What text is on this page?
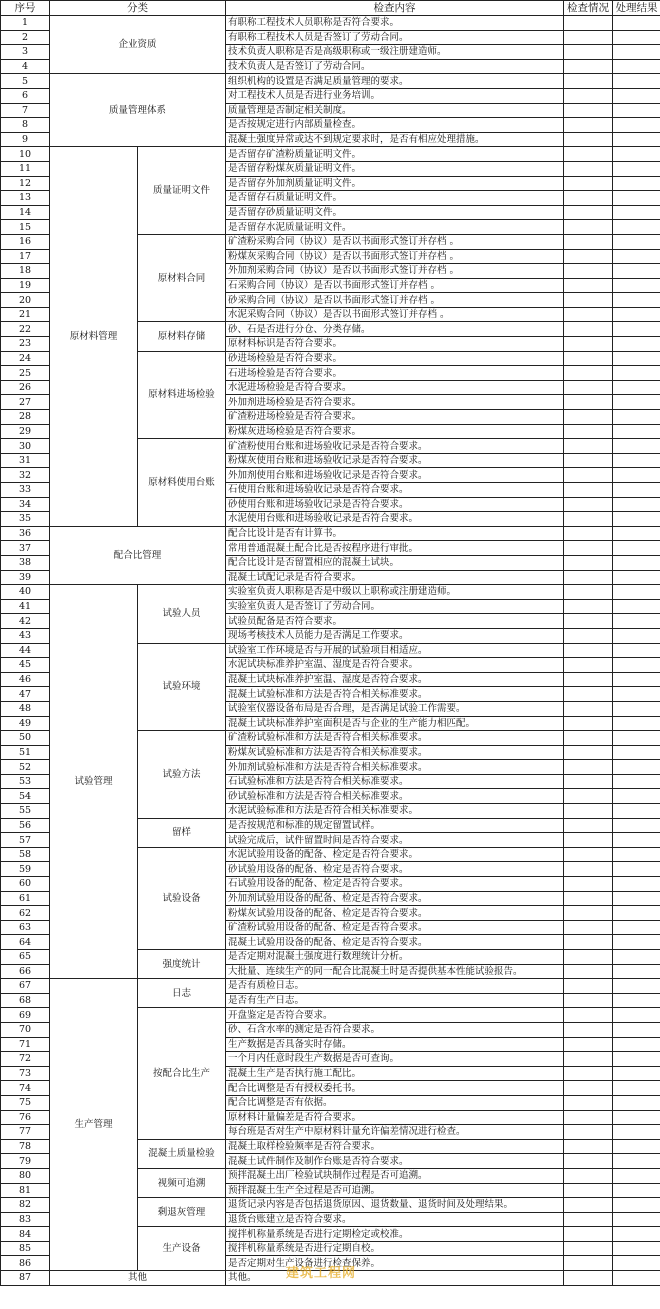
序号	分类		检查内容	检查情况	处理结果
1	企业资质		有职称工程技术人员职称是否符合要求。		
2			有职称工程技术人员是否签订了劳动合同。		
3			技术负责人职称是否是高级职称或一级注册建造师。		
4			技术负责人是否签订了劳动合同。		
5	质量管理体系		组织机构的设置是否满足质量管理的要求。		
6			对工程技术人员是否进行业务培训。		
7			质量管理是否制定相关制度。		
8			是否按规定进行内部质量检查。		
9			混凝土强度异常或达不到规定要求时，是否有相应处理措施。		
10	原材料管理	质量证明文件	是否留存矿渣粉质量证明文件。		
11			是否留存粉煤灰质量证明文件。		
12			是否留存外加剂质量证明文件。		
13			是否留存石质量证明文件。		
14			是否留存砂质量证明文件。		
15			是否留存水泥质量证明文件。		
16		原材料合同	矿渣粉采购合同（协议）是否以书面形式签订并存档 。		
17			粉煤灰采购合同（协议）是否以书面形式签订并存档 。		
18			外加剂采购合同（协议）是否以书面形式签订并存档 。		
19			石采购合同（协议）是否以书面形式签订并存档 。		
20			砂采购合同（协议）是否以书面形式签订并存档 。		
21			水泥采购合同（协议）是否以书面形式签订并存档 。		
22		原材料存储	砂、石是否进行分仓、分类存储。		
23			原材料标识是否符合要求。		
24		原材料进场检验	砂进场检验是否符合要求。		
25			石进场检验是否符合要求。		
26			水泥进场检验是否符合要求。		
27			外加剂进场检验是否符合要求。		
28			矿渣粉进场检验是否符合要求。		
29			粉煤灰进场检验是否符合要求。		
30		原材料使用台账	矿渣粉使用台账和进场验收记录是否符合要求。		
31			粉煤灰使用台账和进场验收记录是否符合要求。		
32			外加剂使用台账和进场验收记录是否符合要求。		
33			石使用台账和进场验收记录是否符合要求。		
34			砂使用台账和进场验收记录是否符合要求。		
35			水泥使用台账和进场验收记录是否符合要求。		
36	配合比管理		配合比设计是否有计算书。		
37			常用普通混凝土配合比是否按程序进行审批。		
38			配合比设计是否留置相应的混凝土试块。		
39			混凝土试配记录是否符合要求。		
40	试验管理	试验人员	实验室负责人职称是否是中级以上职称或注册建造师。		
41			实验室负责人是否签订了劳动合同。		
42			试验员配备是否符合要求。		
43			现场考核技术人员能力是否满足工作要求。		
44		试验环境	试验室工作环境是否与开展的试验项目相适应。		
45			水泥试块标准养护室温、湿度是否符合要求。		
46			混凝土试块标准养护室温、湿度是否符合要求。		
47			混凝土试验标准和方法是否符合相关标准要求。		
48			试验室仪器设备布局是否合理，是否满足试验工作需要。		
49			混凝土试块标准养护室面积是否与企业的生产能力相匹配。		
50		试验方法	矿渣粉试验标准和方法是否符合相关标准要求。		
51			粉煤灰试验标准和方法是否符合相关标准要求。		
52			外加剂试验标准和方法是否符合相关标准要求。		
53			石试验标准和方法是否符合相关标准要求。		
54			砂试验标准和方法是否符合相关标准要求。		
55			水泥试验标准和方法是否符合相关标准要求。		
56		留样	是否按规范和标准的规定留置试样。		
57			试验完成后，试件留置时间是否符合要求。		
58		试验设备	水泥试验用设备的配备、检定是否符合要求。		
59			砂试验用设备的配备、检定是否符合要求。		
60			石试验用设备的配备、检定是否符合要求。		
61			外加剂试验用设备的配备、检定是否符合要求。		
62			粉煤灰试验用设备的配备、检定是否符合要求。		
63			矿渣粉试验用设备的配备、检定是否符合要求。		
64			混凝土试验用设备的配备、检定是否符合要求。		
65		强度统计	是否定期对混凝土强度进行数理统计分析。		
66			大批量、连续生产的同一配合比混凝土时是否提供基本性能试验报告。		
67	生产管理	日志	是否有质检日志。		
68			是否有生产日志。		
69		按配合比生产	开盘鉴定是否符合要求。		
70			砂、石含水率的测定是否符合要求。		
71			生产数据是否具备实时存储。		
72			一个月内任意时段生产数据是否可查询。		
73			混凝土生产是否执行施工配比。		
74			配合比调整是否有授权委托书。		
75			配合比调整是否有依据。		
76			原材料计量偏差是否符合要求。		
77			每台班是否对生产中原材料计量允许偏差情况进行检查。		
78		混凝土质量检验	混凝土取样检验频率是否符合要求。		
79			混凝土试件制作及制作台账是否符合要求。		
80		视频可追溯	预拌混凝土出厂检验试块制作过程是否可追溯。		
81			预拌混凝土生产全过程是否可追溯。		
82		剩退灰管理	退货记录内容是否包括退货原因、退货数量、退货时间及处理结果。		
83			退货台账建立是否符合要求。		
84		生产设备	搅拌机称量系统是否进行定期检定或校准。		
85			搅拌机称量系统是否进行定期自校。		
86			是否定期对生产设备进行检查保养。		
87	其他		其他。		建筑工程网
